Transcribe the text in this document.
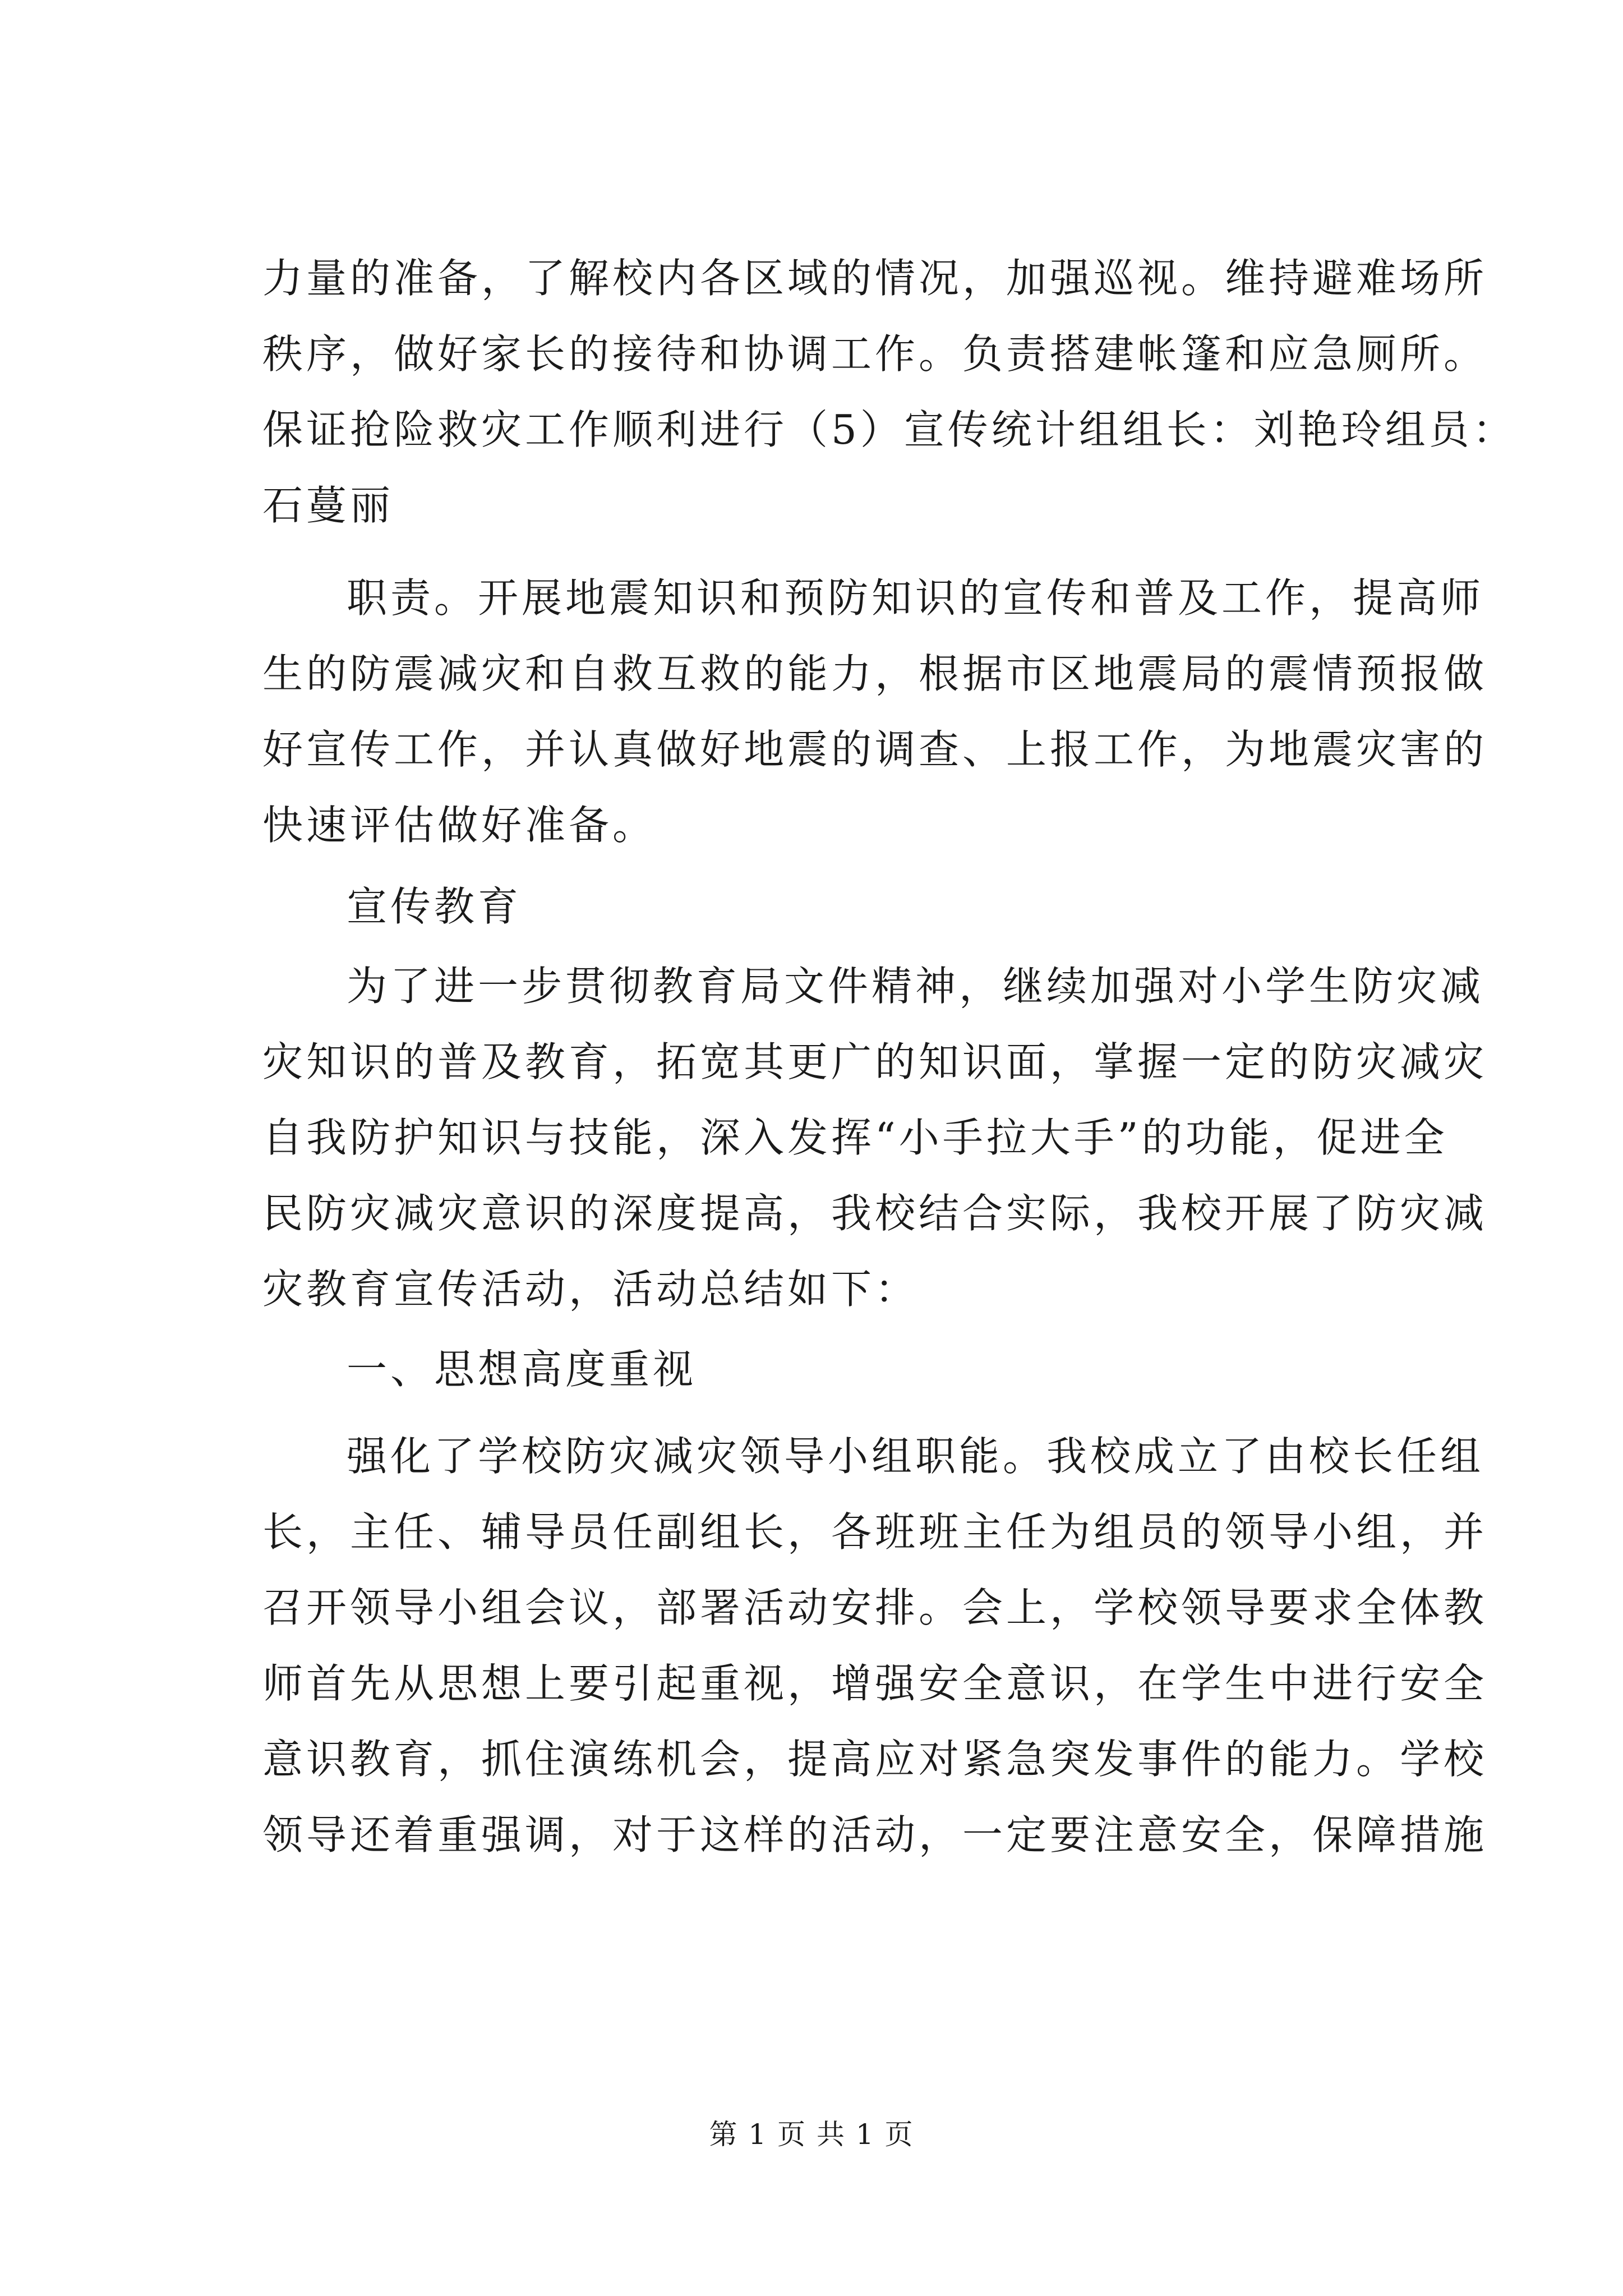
力量的准备，了解校内各区域的情况，加强巡视。维持避难场所
秩序，做好家长的接待和协调工作。负责搭建帐篷和应急厕所。
保证抢险救灾工作顺利进行（5）宣传统计组组长：刘艳玲组员：
石蔓丽
职责。开展地震知识和预防知识的宣传和普及工作，提高师
生的防震减灾和自救互救的能力，根据市区地震局的震情预报做
好宣传工作，并认真做好地震的调查、上报工作，为地震灾害的
快速评估做好准备。
宣传教育
为了进一步贯彻教育局文件精神，继续加强对小学生防灾减
灾知识的普及教育，拓宽其更广的知识面，掌握一定的防灾减灾
自我防护知识与技能，深入发挥“小手拉大手”的功能，促进全
民防灾减灾意识的深度提高，我校结合实际，我校开展了防灾减
灾教育宣传活动，活动总结如下：
一、思想高度重视
强化了学校防灾减灾领导小组职能。我校成立了由校长任组
长，主任、辅导员任副组长，各班班主任为组员的领导小组，并
召开领导小组会议，部署活动安排。会上，学校领导要求全体教
师首先从思想上要引起重视，增强安全意识，在学生中进行安全
意识教育，抓住演练机会，提高应对紧急突发事件的能力。学校
领导还着重强调，对于这样的活动，一定要注意安全，保障措施
第 1 页 共 1 页
